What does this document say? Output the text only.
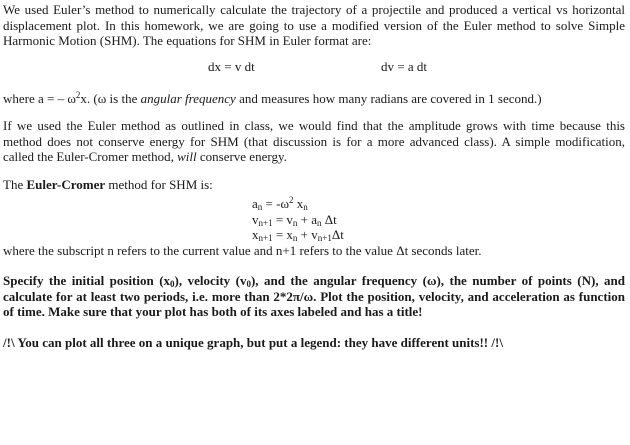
We used Euler’s method to numerically calculate the trajectory of a projectile and produced a vertical vs horizontal displacement plot. In this homework, we are going to use a modified version of the Euler method to solve Simple Harmonic Motion (SHM). The equations for SHM in Euler format are:

dx = v dt	dv = a dt

where a = – $\omega^2x$. (ω is the angular frequency and measures how many radians are covered in 1 second.)

If we used the Euler method as outlined in class, we would find that the amplitude grows with time because this method does not conserve energy for SHM (that discussion is for a more advanced class). A simple modification, called the Euler-Cromer method, will conserve energy.

The Euler-Cromer method for SHM is:

$a_n = -\omega^2$ $x_n$
$v_{n+1} = v_n + a_n$ Δt
$x_{n+1} = x_n + v_{n+1}\Delta t$

where the subscript n refers to the current value and n+1 refers to the value Δt seconds later.

Specify the initial position $(x_0)$, velocity $(v_0)$, and the angular frequency (ω), the number of points (N), and calculate for at least two periods, i.e. more than 2*2π/ω. Plot the position, velocity, and acceleration as function of time. Make sure that your plot has both of its axes labeled and has a title!

/!\ You can plot all three on a unique graph, but put a legend: they have different units!! /!\
